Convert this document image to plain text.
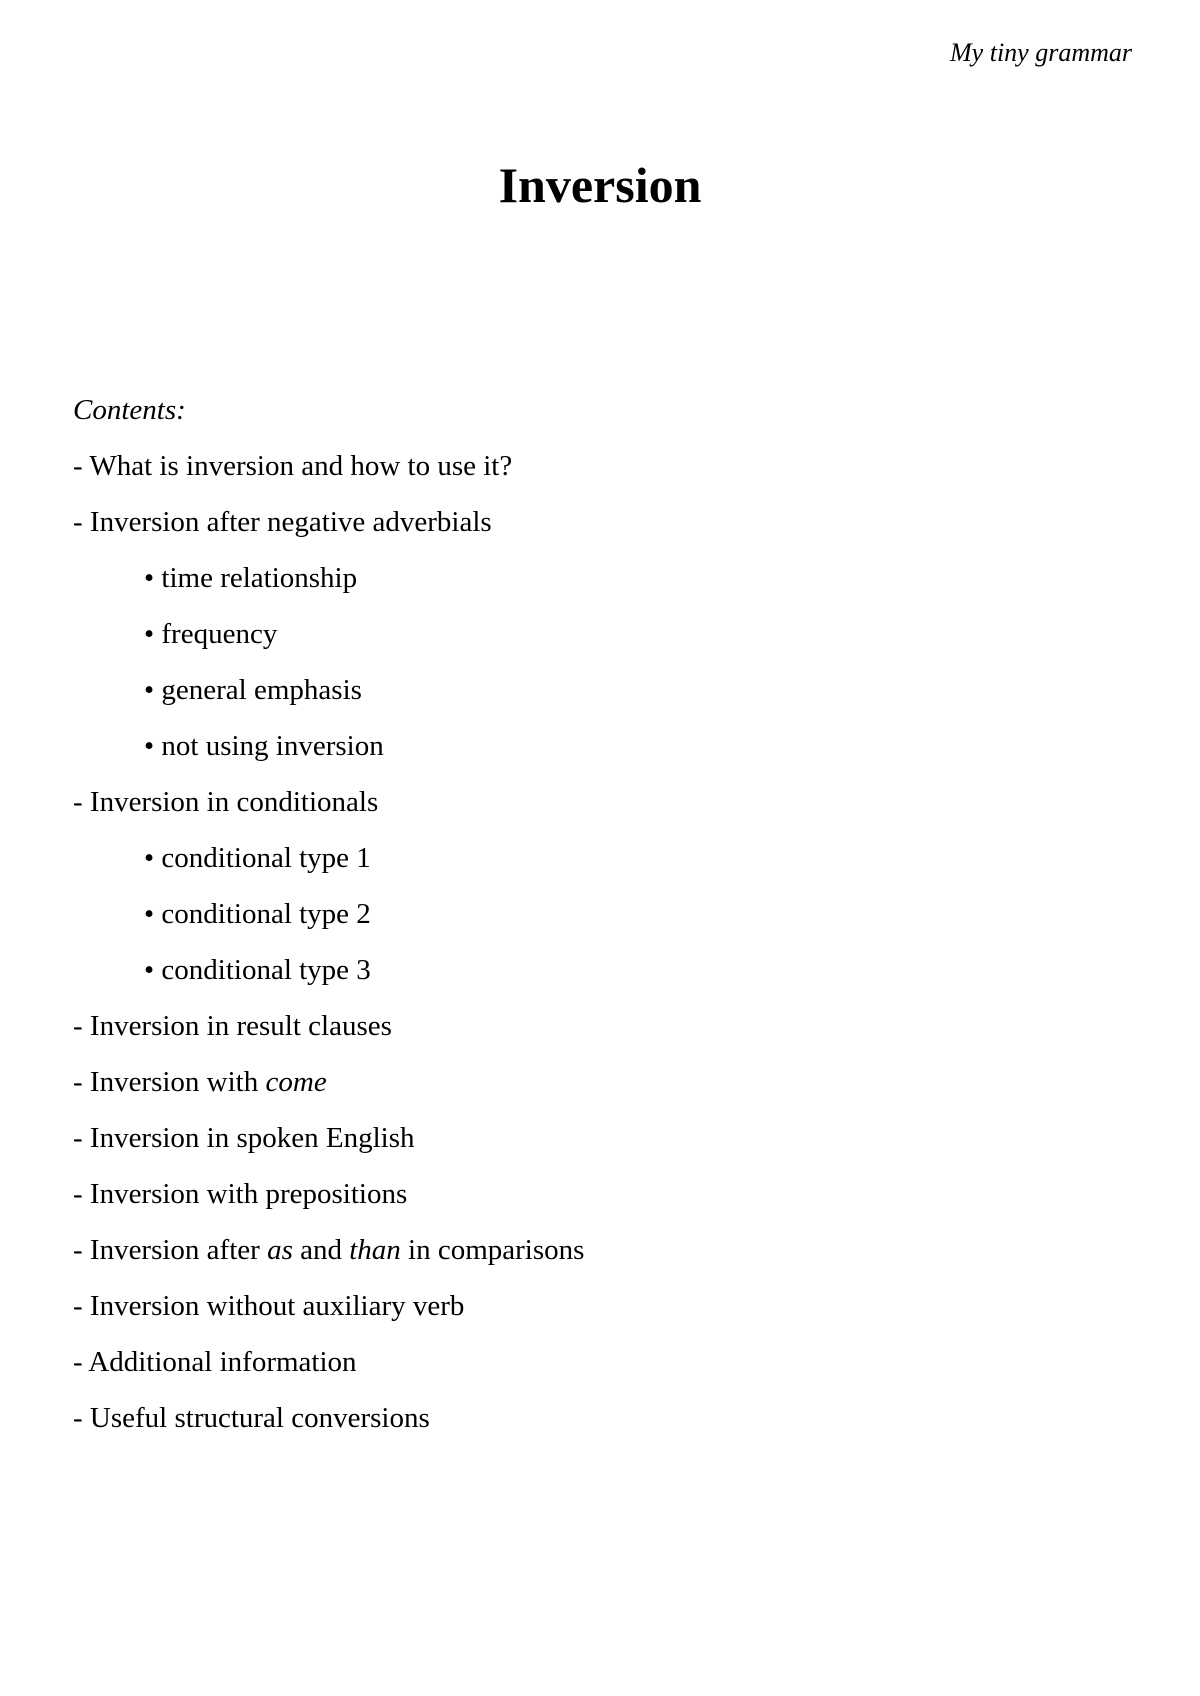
My tiny grammar
Inversion
Contents:
- What is inversion and how to use it?
- Inversion after negative adverbials
• time relationship
• frequency
• general emphasis
• not using inversion
- Inversion in conditionals
• conditional type 1
• conditional type 2
• conditional type 3
- Inversion in result clauses
- Inversion with come
- Inversion in spoken English
- Inversion with prepositions
- Inversion after as and than in comparisons
- Inversion without auxiliary verb
- Additional information
- Useful structural conversions
